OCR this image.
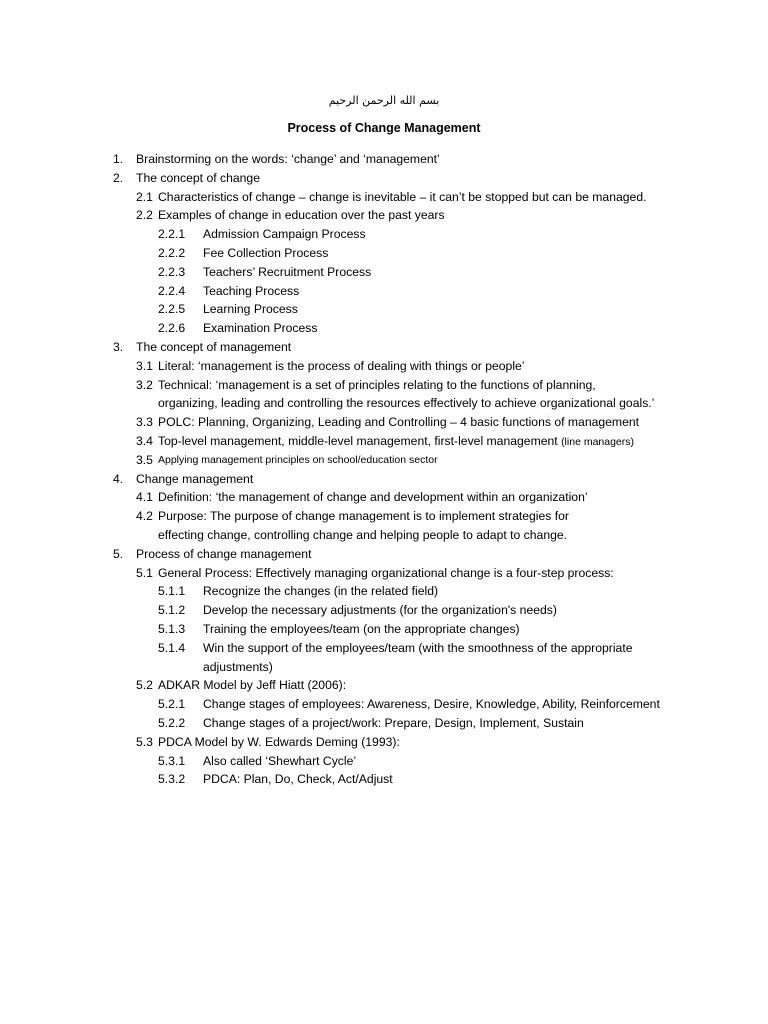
بسم الله الرحمن الرحيم
Process of Change Management
1. Brainstorming on the words: ‘change’ and ‘management’
2. The concept of change
2.1 Characteristics of change – change is inevitable – it can’t be stopped but can be managed.
2.2 Examples of change in education over the past years
2.2.1 Admission Campaign Process
2.2.2 Fee Collection Process
2.2.3 Teachers’ Recruitment Process
2.2.4 Teaching Process
2.2.5 Learning Process
2.2.6 Examination Process
3. The concept of management
3.1 Literal: ‘management is the process of dealing with things or people’
3.2 Technical: ‘management is a set of principles relating to the functions of planning,
organizing, leading and controlling the resources effectively to achieve organizational goals.’
3.3 POLC: Planning, Organizing, Leading and Controlling – 4 basic functions of management
3.4 Top-level management, middle-level management, first-level management (line managers)
3.5 Applying management principles on school/education sector
4. Change management
4.1 Definition: ‘the management of change and development within an organization’
4.2 Purpose: The purpose of change management is to implement strategies for
effecting change, controlling change and helping people to adapt to change.
5. Process of change management
5.1 General Process: Effectively managing organizational change is a four-step process:
5.1.1 Recognize the changes (in the related field)
5.1.2 Develop the necessary adjustments (for the organization's needs)
5.1.3 Training the employees/team (on the appropriate changes)
5.1.4 Win the support of the employees/team (with the smoothness of the appropriate
adjustments)
5.2 ADKAR Model by Jeff Hiatt (2006):
5.2.1 Change stages of employees: Awareness, Desire, Knowledge, Ability, Reinforcement
5.2.2 Change stages of a project/work: Prepare, Design, Implement, Sustain
5.3 PDCA Model by W. Edwards Deming (1993):
5.3.1 Also called ‘Shewhart Cycle’
5.3.2 PDCA: Plan, Do, Check, Act/Adjust
